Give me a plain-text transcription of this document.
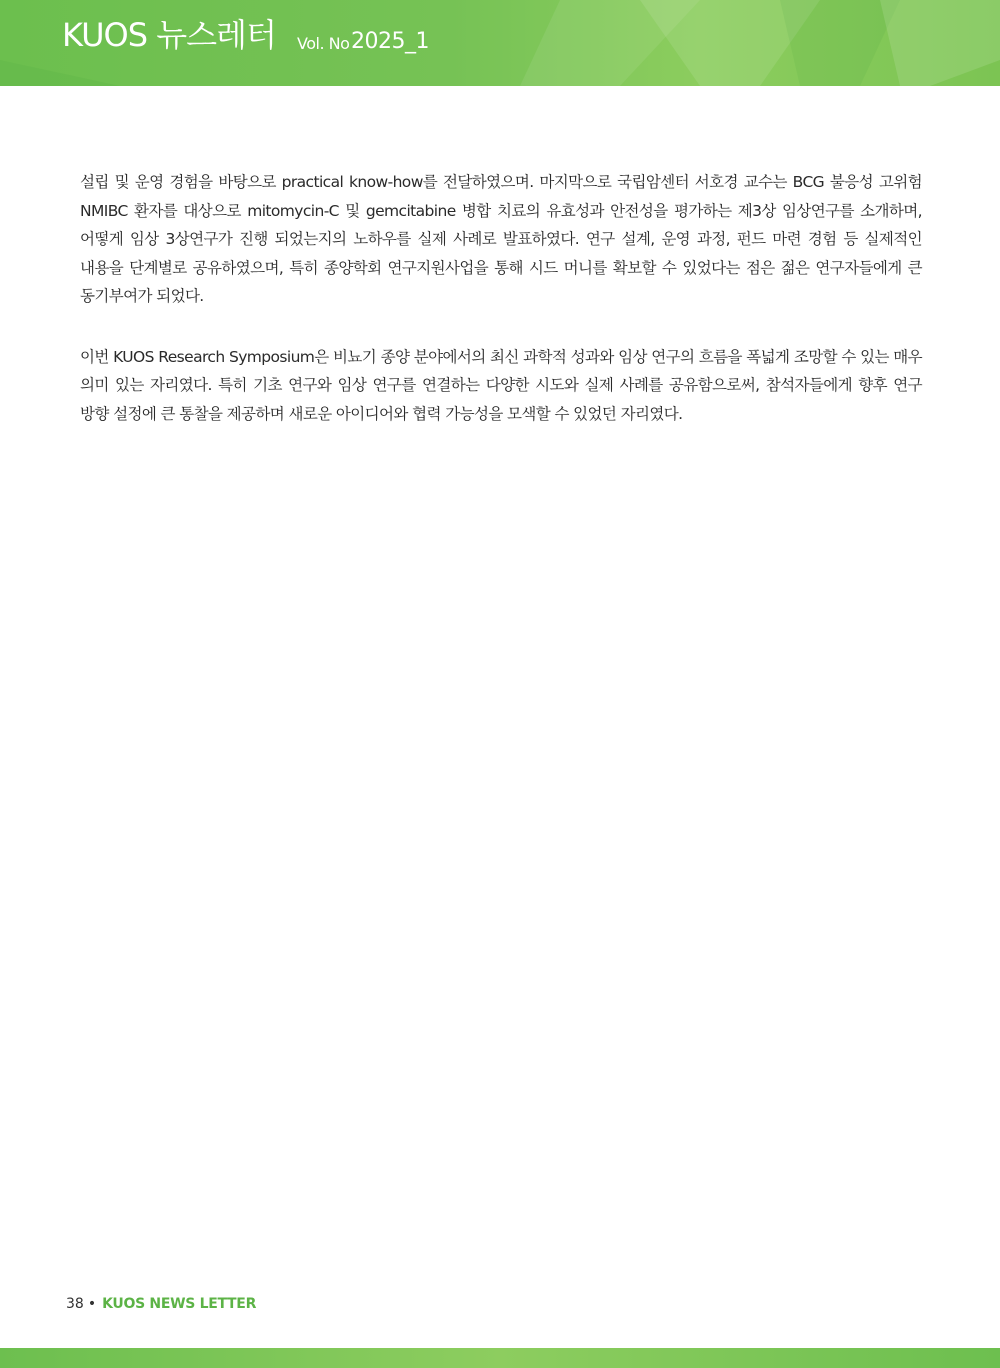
KUOS 뉴스레터 Vol. No 2025_1

설립 및 운영 경험을 바탕으로 practical know-how를 전달하였으며. 마지막으로 국립암센터 서호경 교수는 BCG 불응성 고위험 NMIBC 환자를 대상으로 mitomycin-C 및 gemcitabine 병합 치료의 유효성과 안전성을 평가하는 제3상 임상연구를 소개하며, 어떻게 임상 3상연구가 진행 되었는지의 노하우를 실제 사례로 발표하였다. 연구 설계, 운영 과정, 펀드 마련 경험 등 실제적인 내용을 단계별로 공유하였으며, 특히 종양학회 연구지원사업을 통해 시드 머니를 확보할 수 있었다는 점은 젊은 연구자들에게 큰 동기부여가 되었다.

이번 KUOS Research Symposium은 비뇨기 종양 분야에서의 최신 과학적 성과와 임상 연구의 흐름을 폭넓게 조망할 수 있는 매우 의미 있는 자리였다. 특히 기초 연구와 임상 연구를 연결하는 다양한 시도와 실제 사례를 공유함으로써, 참석자들에게 향후 연구 방향 설정에 큰 통찰을 제공하며 새로운 아이디어와 협력 가능성을 모색할 수 있었던 자리였다.

38 • KUOS NEWS LETTER
